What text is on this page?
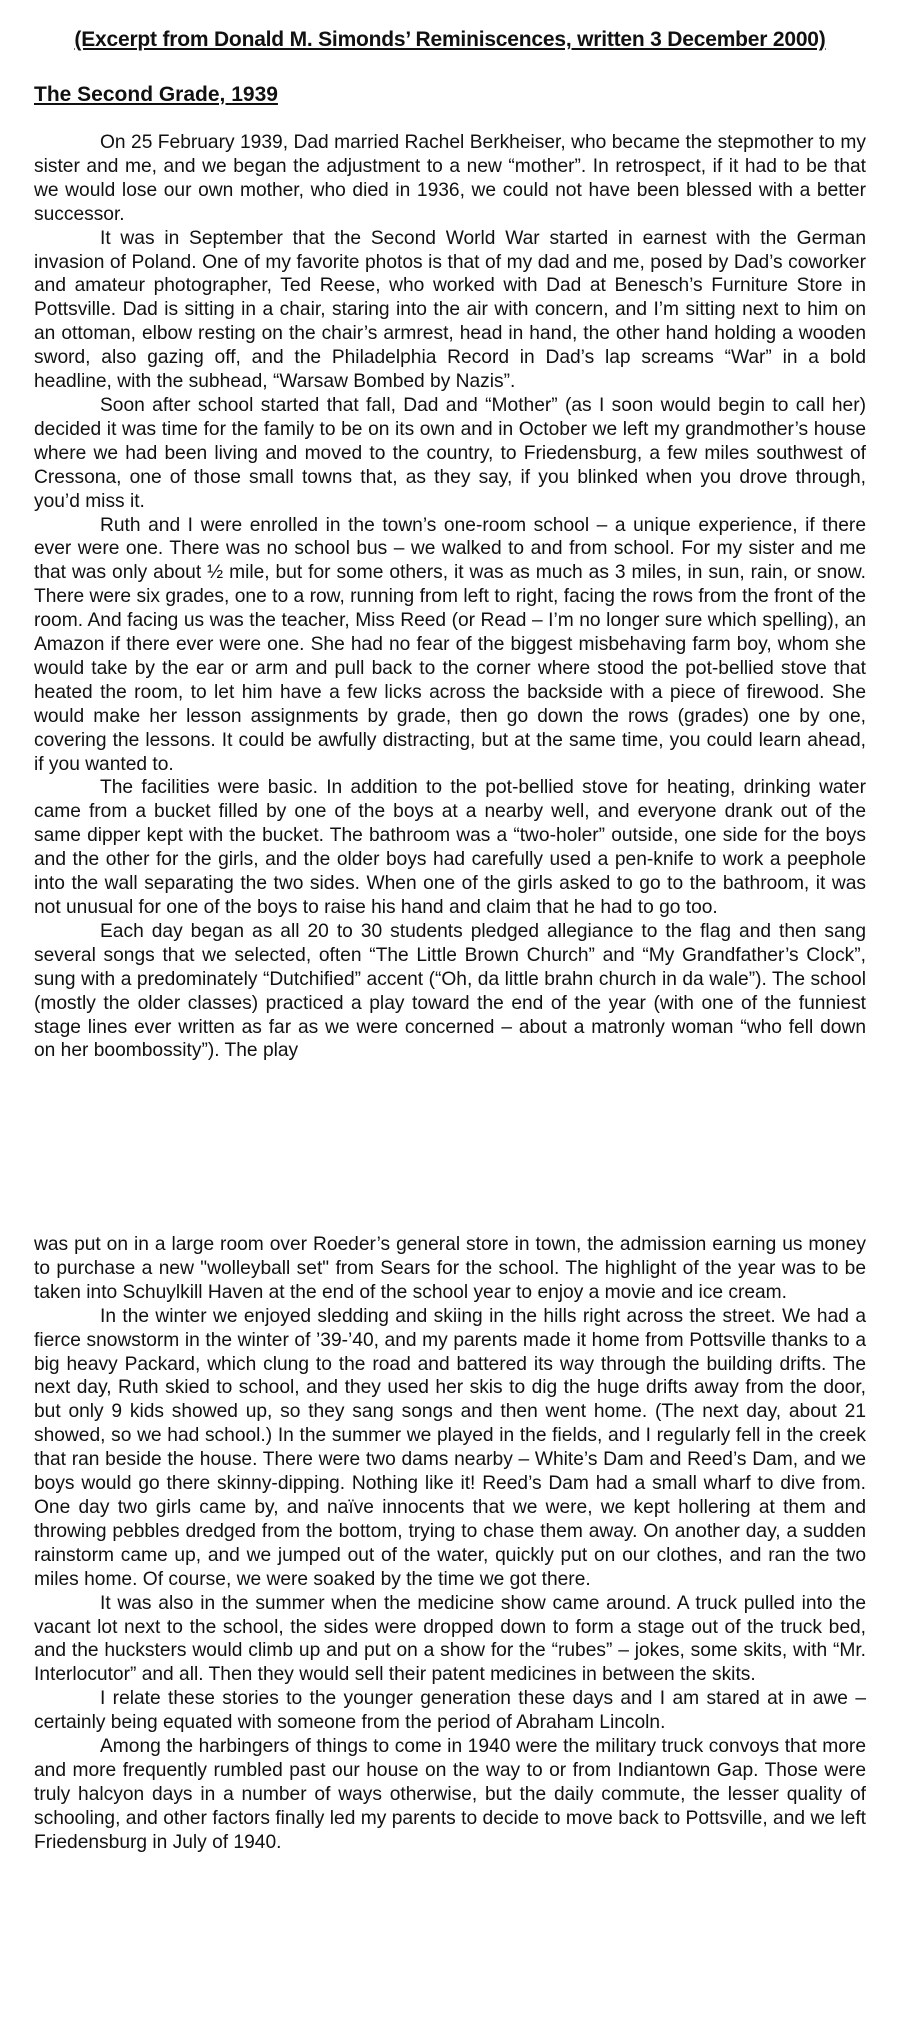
(Excerpt from Donald M. Simonds’ Reminiscences, written 3 December 2000)
The Second Grade, 1939

On 25 February 1939, Dad married Rachel Berkheiser, who became the stepmother to my sister and me, and we began the adjustment to a new “mother”. In retrospect, if it had to be that we would lose our own mother, who died in 1936, we could not have been blessed with a better successor.

It was in September that the Second World War started in earnest with the German invasion of Poland. One of my favorite photos is that of my dad and me, posed by Dad’s coworker and amateur photographer, Ted Reese, who worked with Dad at Benesch’s Furniture Store in Pottsville. Dad is sitting in a chair, staring into the air with concern, and I’m sitting next to him on an ottoman, elbow resting on the chair’s armrest, head in hand, the other hand holding a wooden sword, also gazing off, and the Philadelphia Record in Dad’s lap screams “War” in a bold headline, with the subhead, “Warsaw Bombed by Nazis”.

Soon after school started that fall, Dad and “Mother” (as I soon would begin to call her) decided it was time for the family to be on its own and in October we left my grandmother’s house where we had been living and moved to the country, to Friedensburg, a few miles southwest of Cressona, one of those small towns that, as they say, if you blinked when you drove through, you’d miss it.

Ruth and I were enrolled in the town’s one-room school – a unique experience, if there ever were one. There was no school bus – we walked to and from school. For my sister and me that was only about ½ mile, but for some others, it was as much as 3 miles, in sun, rain, or snow. There were six grades, one to a row, running from left to right, facing the rows from the front of the room. And facing us was the teacher, Miss Reed (or Read – I’m no longer sure which spelling), an Amazon if there ever were one. She had no fear of the biggest misbehaving farm boy, whom she would take by the ear or arm and pull back to the corner where stood the pot-bellied stove that heated the room, to let him have a few licks across the backside with a piece of firewood. She would make her lesson assignments by grade, then go down the rows (grades) one by one, covering the lessons. It could be awfully distracting, but at the same time, you could learn ahead, if you wanted to.

The facilities were basic. In addition to the pot-bellied stove for heating, drinking water came from a bucket filled by one of the boys at a nearby well, and everyone drank out of the same dipper kept with the bucket. The bathroom was a “two-holer” outside, one side for the boys and the other for the girls, and the older boys had carefully used a pen-knife to work a peephole into the wall separating the two sides. When one of the girls asked to go to the bathroom, it was not unusual for one of the boys to raise his hand and claim that he had to go too.

Each day began as all 20 to 30 students pledged allegiance to the flag and then sang several songs that we selected, often “The Little Brown Church” and “My Grandfather’s Clock”, sung with a predominately “Dutchified” accent (“Oh, da little brahn church in da wale”). The school (mostly the older classes) practiced a play toward the end of the year (with one of the funniest stage lines ever written as far as we were concerned – about a matronly woman “who fell down on her boombossity”). The play

was put on in a large room over Roeder’s general store in town, the admission earning us money to purchase a new "wolleyball set" from Sears for the school. The highlight of the year was to be taken into Schuylkill Haven at the end of the school year to enjoy a movie and ice cream.

In the winter we enjoyed sledding and skiing in the hills right across the street. We had a fierce snowstorm in the winter of ’39-’40, and my parents made it home from Pottsville thanks to a big heavy Packard, which clung to the road and battered its way through the building drifts. The next day, Ruth skied to school, and they used her skis to dig the huge drifts away from the door, but only 9 kids showed up, so they sang songs and then went home. (The next day, about 21 showed, so we had school.) In the summer we played in the fields, and I regularly fell in the creek that ran beside the house. There were two dams nearby – White’s Dam and Reed’s Dam, and we boys would go there skinny-dipping. Nothing like it! Reed’s Dam had a small wharf to dive from. One day two girls came by, and naïve innocents that we were, we kept hollering at them and throwing pebbles dredged from the bottom, trying to chase them away. On another day, a sudden rainstorm came up, and we jumped out of the water, quickly put on our clothes, and ran the two miles home. Of course, we were soaked by the time we got there.

It was also in the summer when the medicine show came around. A truck pulled into the vacant lot next to the school, the sides were dropped down to form a stage out of the truck bed, and the hucksters would climb up and put on a show for the “rubes” – jokes, some skits, with “Mr. Interlocutor” and all. Then they would sell their patent medicines in between the skits.

I relate these stories to the younger generation these days and I am stared at in awe – certainly being equated with someone from the period of Abraham Lincoln.

Among the harbingers of things to come in 1940 were the military truck convoys that more and more frequently rumbled past our house on the way to or from Indiantown Gap. Those were truly halcyon days in a number of ways otherwise, but the daily commute, the lesser quality of schooling, and other factors finally led my parents to decide to move back to Pottsville, and we left Friedensburg in July of 1940.
